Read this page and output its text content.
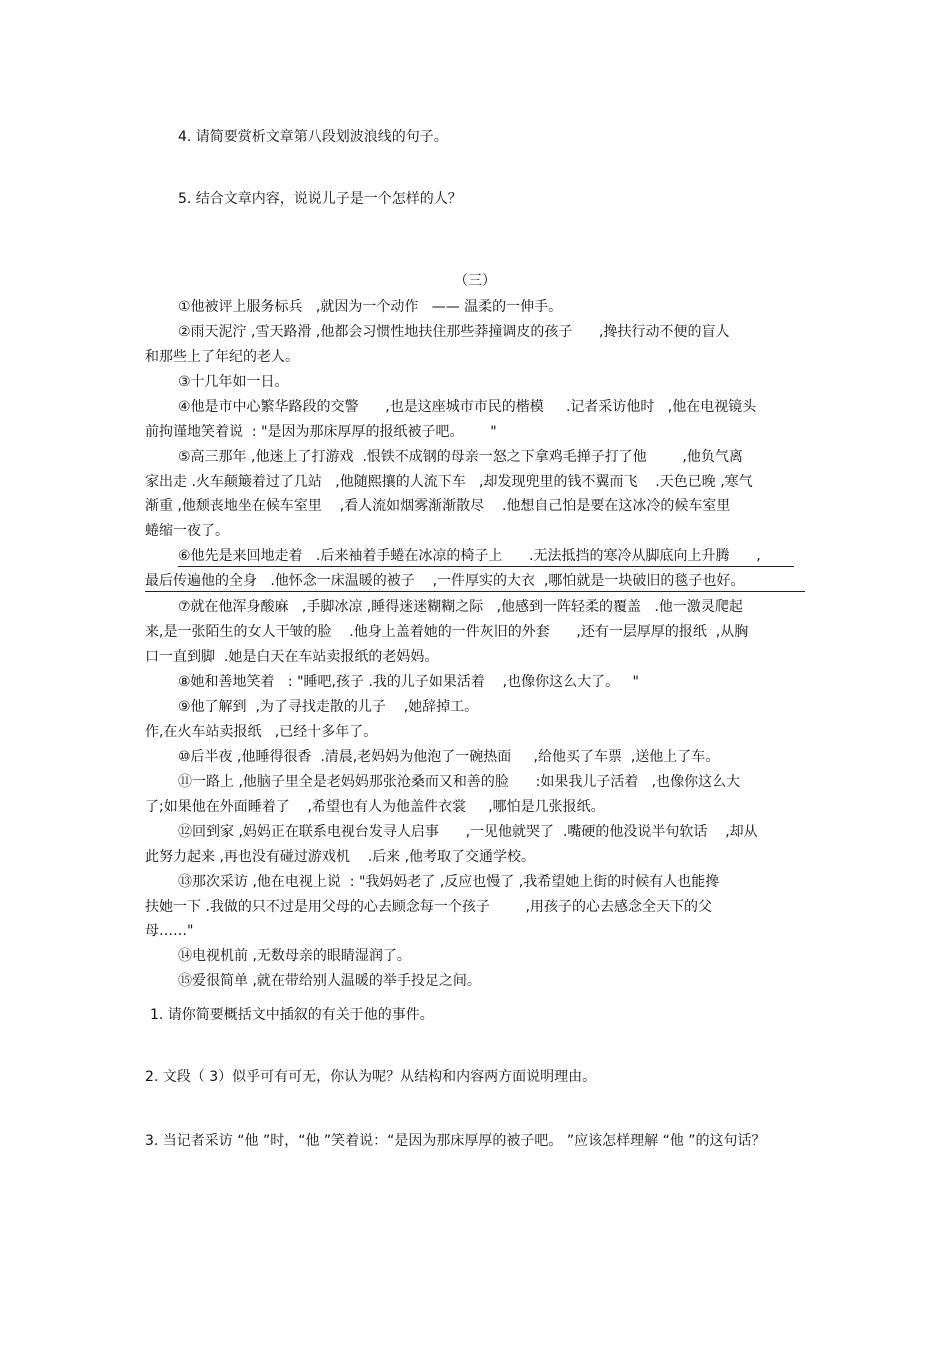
4. 请简要赏析文章第八段划波浪线的句子。
5. 结合文章内容，说说儿子是一个怎样的人？
（三）
①他被评上服务标兵   ,就因为一个动作   —— 温柔的一伸手。
②雨天泥泞 ,雪天路滑 ,他都会习惯性地扶住那些莽撞调皮的孩子      ,搀扶行动不便的盲人
和那些上了年纪的老人。
③十几年如一日。
④他是市中心繁华路段的交警      ,也是这座城市市民的楷模     .记者采访他时   ,他在电视镜头
前拘谨地笑着说  : "是因为那床厚厚的报纸被子吧。      "
⑤高三那年 ,他迷上了打游戏  .恨铁不成钢的母亲一怒之下拿鸡毛掸子打了他        ,他负气离
家出走 .火车颠簸着过了几站   ,他随熙攘的人流下车   ,却发现兜里的钱不翼而飞    .天色已晚 ,寒气
渐重 ,他颓丧地坐在候车室里    ,看人流如烟雾渐渐散尽    .他想自己怕是要在这冰冷的候车室里
蜷缩一夜了。
⑥他先是来回地走着   .后来袖着手蜷在冰凉的椅子上      .无法抵挡的寒冷从脚底向上升腾      ,
最后传遍他的全身   .他怀念一床温暖的被子    ,一件厚实的大衣  ,哪怕就是一块破旧的毯子也好。
⑦就在他浑身酸麻   ,手脚冰凉 ,睡得迷迷糊糊之际   ,他感到一阵轻柔的覆盖   .他一激灵爬起
来,是一张陌生的女人干皱的脸    .他身上盖着她的一件灰旧的外套      ,还有一层厚厚的报纸  ,从胸
口一直到脚  .她是白天在车站卖报纸的老妈妈。
⑧她和善地笑着   : "睡吧,孩子 .我的儿子如果活着    ,也像你这么大了。   "
⑨他了解到  ,为了寻找走散的儿子    ,她辞掉工。
作,在火车站卖报纸   ,已经十多年了。
⑩后半夜 ,他睡得很香  .清晨,老妈妈为他泡了一碗热面     ,给他买了车票  ,送他上了车。
⑪一路上 ,他脑子里全是老妈妈那张沧桑而又和善的脸      :如果我儿子活着   ,也像你这么大
了;如果他在外面睡着了    ,希望也有人为他盖件衣裳     ,哪怕是几张报纸。
⑫回到家 ,妈妈正在联系电视台发寻人启事      ,一见他就哭了  .嘴硬的他没说半句软话    ,却从
此努力起来 ,再也没有碰过游戏机    .后来 ,他考取了交通学校。
⑬那次采访 ,他在电视上说  : "我妈妈老了 ,反应也慢了 ,我希望她上街的时候有人也能搀
扶她一下 .我做的只不过是用父母的心去顾念每一个孩子        ,用孩子的心去感念全天下的父
母……"
⑭电视机前 ,无数母亲的眼睛湿润了。
⑮爱很简单 ,就在带给别人温暖的举手投足之间。
1. 请你简要概括文中插叙的有关于他的事件。
2. 文段（ 3）似乎可有可无，你认为呢？从结构和内容两方面说明理由。
3. 当记者采访 “他 ”时，“他 ”笑着说：“是因为那床厚厚的被子吧。 ”应该怎样理解 “他 ”的这句话？
